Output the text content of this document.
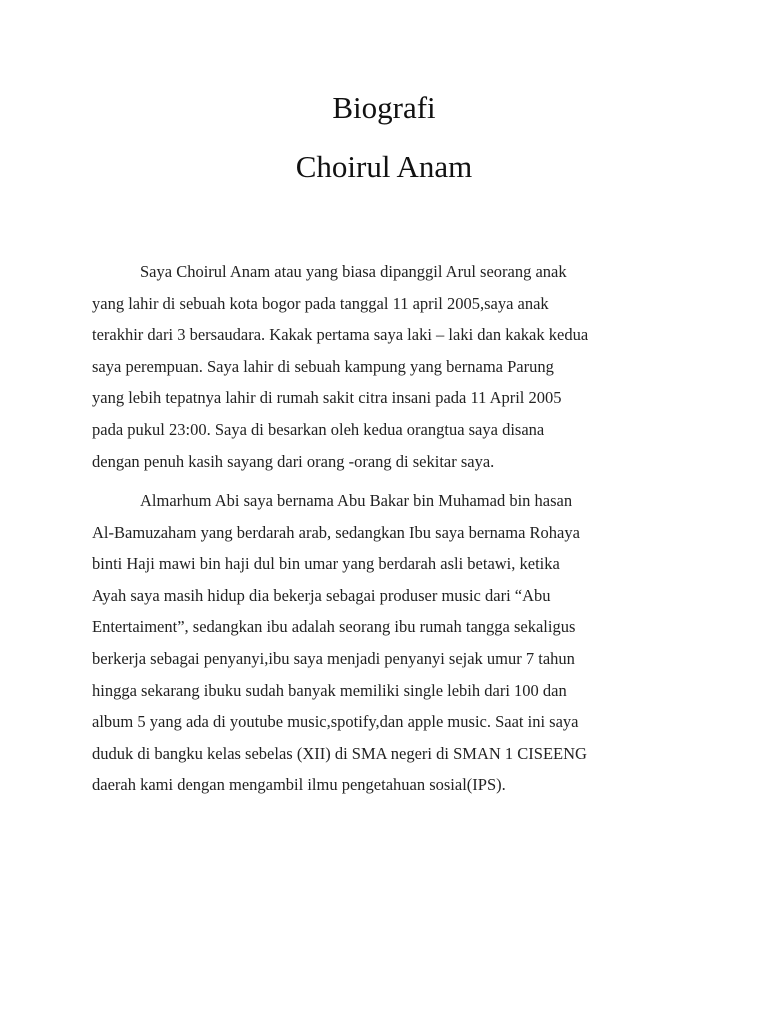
Biografi
Choirul Anam
Saya Choirul Anam atau yang biasa dipanggil Arul seorang anak
yang lahir di sebuah kota bogor pada tanggal 11 april 2005,saya anak
terakhir dari 3 bersaudara. Kakak pertama saya laki – laki dan kakak kedua
saya perempuan. Saya lahir di sebuah kampung yang bernama Parung
yang lebih tepatnya lahir di rumah sakit citra insani pada 11 April 2005
pada pukul 23:00. Saya di besarkan oleh kedua orangtua saya disana
dengan penuh kasih sayang dari orang -orang di sekitar saya.
Almarhum Abi saya bernama Abu Bakar bin Muhamad bin hasan
Al-Bamuzaham yang berdarah arab, sedangkan Ibu saya bernama Rohaya
binti Haji mawi bin haji dul bin umar yang berdarah asli betawi, ketika
Ayah saya masih hidup dia bekerja sebagai produser music dari “Abu
Entertaiment”, sedangkan ibu adalah seorang ibu rumah tangga sekaligus
berkerja sebagai penyanyi,ibu saya menjadi penyanyi sejak umur 7 tahun
hingga sekarang ibuku sudah banyak memiliki single lebih dari 100 dan
album 5 yang ada di youtube music,spotify,dan apple music. Saat ini saya
duduk di bangku kelas sebelas (XII) di SMA negeri di SMAN 1 CISEENG
daerah kami dengan mengambil ilmu pengetahuan sosial(IPS).
